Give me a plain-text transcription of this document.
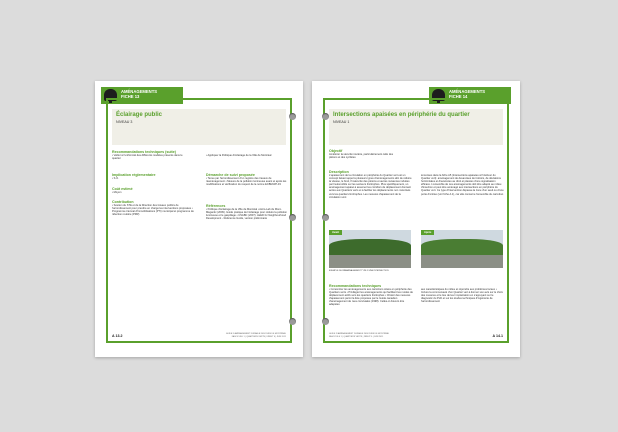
AMÉNAGEMENTS
FICHE 13
Éclairage public
NIVEAU 3
Recommandations techniques (suite)
• Veiller à l'uniformité des différents modèles présents dans le quartier
• Appliquer la Politique d'éclairage de la Ville de Montréal
Implication réglementaire
• S.O.
Coût estimé
• Moyen
Contribution
• Soutien du STE et de la Direction des travaux publics de l'arrondissement pour prendre en charge les interventions proposées • Programme triennal d'immobilisations (PTI) municipal et programme de réfection routière (PRR)
Démarche de suivi proposée
• Tenue par l'arrondissement d'un registre des travaux de réaménagement • Mesure de la pollution lumineuse avant et après les modifications et vérification du respect de la norme ECBM-RP-33
Références
• Politique d'éclairage de la Ville de Montréal • Astro-Lab du Mont-Mégantic (2009). Guide pratique de l'éclairage pour réduire la pollution lumineuse et le gaspillage • USGBC (2007). LEED for Neighbourhood Development - Reference Guide, version préliminaire
A 13.2	GUIDE D'AMÉNAGEMENT DURABLE DES RUES DE MONTRÉAL FASCICULE 1 | QUARTIERS VERTS | DÉBUT 6 | JUIN 2011
AMÉNAGEMENTS
FICHE 14
Intersections apaisées en périphérie du quartier
NIVEAU 1
Objectif
Améliorer la sécurité routière, particulièrement celle des piétons et des cyclistes
Description
L'apaisement de la circulation en périphérie du Quartier vert est un concept faisant appel à plusieurs types d'aménagements afin de réduire la vitesse, le bruit, l'insécurité des piétons et autres nuisances induites par l'automobile sur les secteurs limitrophes. Plus spécifiquement, un aménagement apaisé à assumer les corridors de déplacement donnant accès aux Quartiers verts et à faciliter les déplacements non motorisés vers les quartiers limitrophes. Les mesures d'apaisement de la circulation sont
énoncées dans la fiche A5 (Intersections apaisées à l'intérieur du Quartier vert): aménagement de devancées de trottoirs, de déviations horizontales et d'avancées au droit et placées d'une signalisation efficace. L'ensemble de ces aménagements doit être adapté au milieu d'insertion et peut être aménagé aux intersections en périphérie du Quartier vert. Ce type d'intervention dépasse la zone d'un seuil ou d'une porte d'entrée (voir fiche A.1), car elle concerne l'ensemble du carrefour.
Avant	Après
EXEMPLE DE RÉAMÉNAGEMENT TYPE D'UNE INTERSECTION
Recommandations techniques
• Concentrer les aménagements aux carrefours situés en périphérie des Quartiers verts • Privilégier les aménagements qui facilitent les modes de déplacement actifs vers les quartiers limitrophes • Choisir des mesures d'apaisement parmi la liste proposée par le Guide canadien d'aménagement de rues conviviales (1998). Celles-ci doivent être adaptées
aux caractéristiques du milieu et répondre aux problèmes locaux • Inclure la communauté d'un Quartier vert à donner son avis sur le choix des mesures et le lieu de leur implantation en s'appuyant sur le diagnostic du PLD et sur les études techniques d'ingénierie de l'arrondissement
GUIDE D'AMÉNAGEMENT DURABLE DES RUES DE MONTRÉAL FASCICULE 1 | QUARTIERS VERTS | DÉBUT 6 | JUIN 2011	A 14.1
